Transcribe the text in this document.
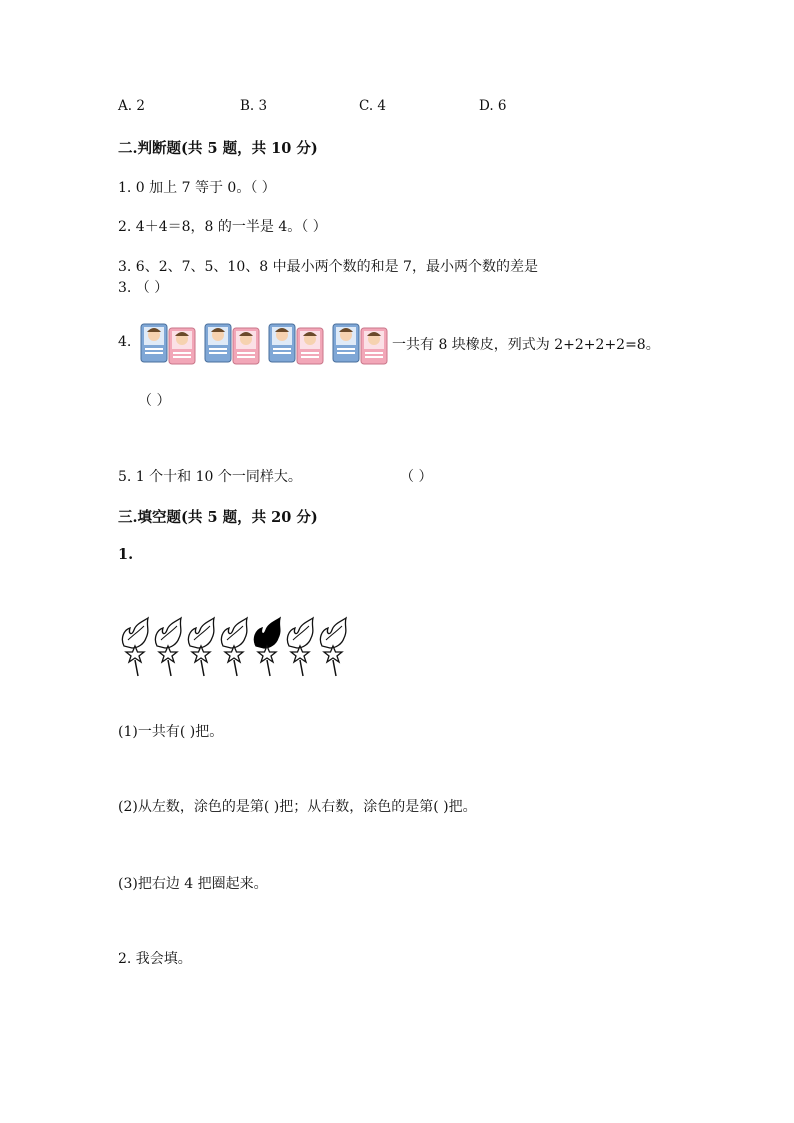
A. 2	B. 3	C. 4	D. 6
二.判断题(共 5 题，共 10 分)
1. 0 加上 7 等于 0。（ ）
2. 4＋4＝8，8 的一半是 4。（ ）
3. 6、2、7、5、10、8 中最小两个数的和是 7，最小两个数的差是
3. （ ）
4.	一共有 8 块橡皮，列式为 2+2+2+2=8。
（ ）
5. 1 个十和 10 个一同样大。	（ ）
三.填空题(共 5 题，共 20 分)
1.
(1)一共有( )把。
(2)从左数，涂色的是第( )把；从右数，涂色的是第( )把。
(3)把右边 4 把圈起来。
2. 我会填。
